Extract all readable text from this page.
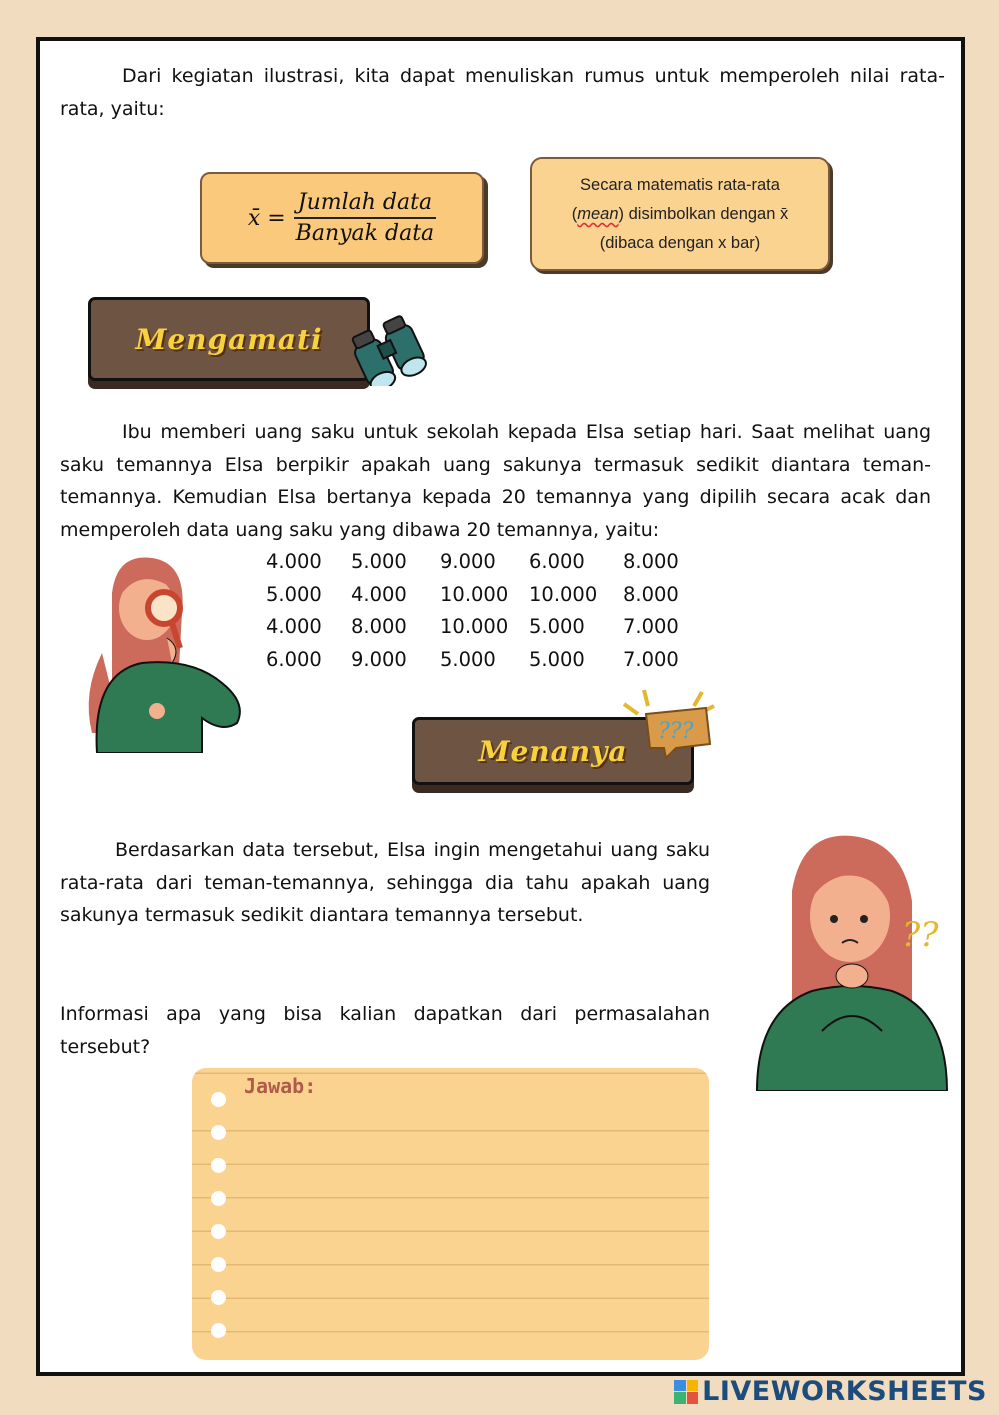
Dari kegiatan ilustrasi, kita dapat menuliskan rumus untuk memperoleh nilai rata-rata, yaitu:
x̄ = $\frac{\text{Jumlah data}}{\text{Banyak data}}$
Secara matematis rata-rata
(mean) disimbolkan dengan x̄
(dibaca dengan x bar)
Mengamati
Ibu memberi uang saku untuk sekolah kepada Elsa setiap hari. Saat melihat uang saku temannya Elsa berpikir apakah uang sakunya termasuk sedikit diantara teman-temannya. Kemudian Elsa bertanya kepada 20 temannya yang dipilih secara acak dan memperoleh data uang saku yang dibawa 20 temannya, yaitu:
4.000	5.000	9.000	6.000	8.000
5.000	4.000	10.000	10.000	8.000
4.000	8.000	10.000	5.000	7.000
6.000	9.000	5.000	5.000	7.000
Menanya
???
Berdasarkan data tersebut, Elsa ingin mengetahui uang saku rata-rata dari teman-temannya, sehingga dia tahu apakah uang sakunya termasuk sedikit diantara temannya tersebut.
Informasi apa yang bisa kalian dapatkan dari permasalahan tersebut?
??
Jawab:
LIVEWORKSHEETS
